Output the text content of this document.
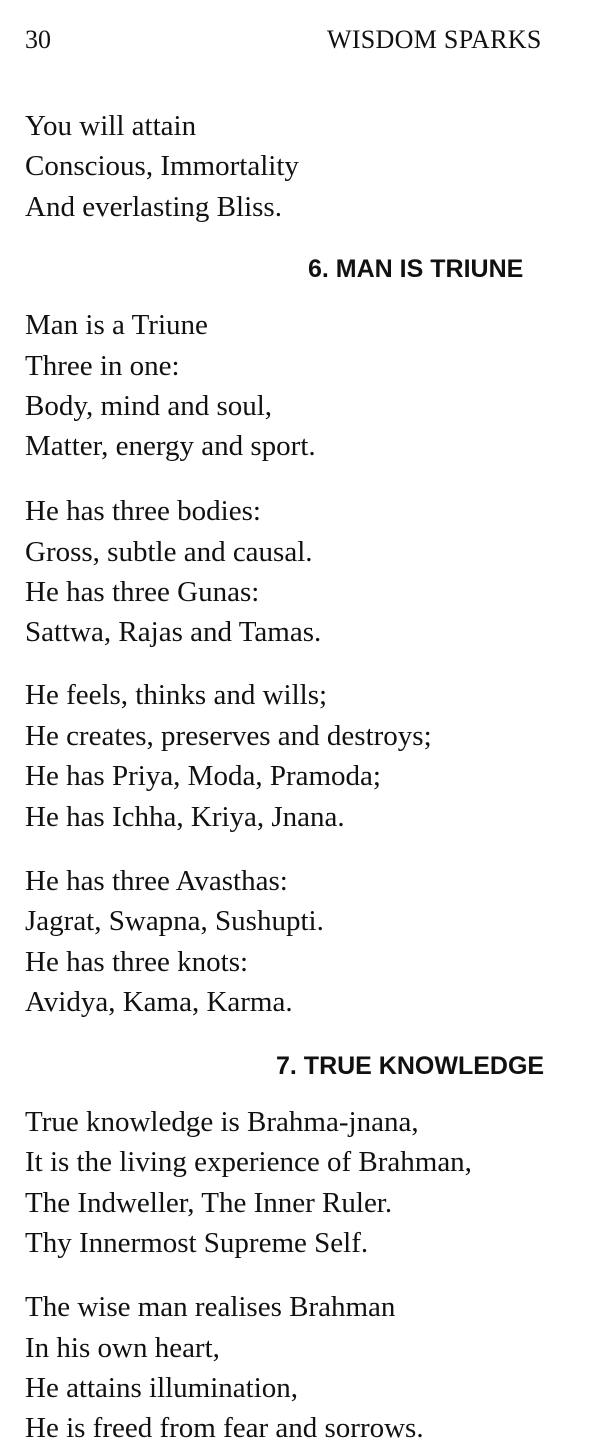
30	WISDOM SPARKS
You will attain
Conscious, Immortality
And everlasting Bliss.
6. MAN IS TRIUNE
Man is a Triune
Three in one:
Body, mind and soul,
Matter, energy and sport.
He has three bodies:
Gross, subtle and causal.
He has three Gunas:
Sattwa, Rajas and Tamas.
He feels, thinks and wills;
He creates, preserves and destroys;
He has Priya, Moda, Pramoda;
He has Ichha, Kriya, Jnana.
He has three Avasthas:
Jagrat, Swapna, Sushupti.
He has three knots:
Avidya, Kama, Karma.
7. TRUE KNOWLEDGE
True knowledge is Brahma-jnana,
It is the living experience of Brahman,
The Indweller, The Inner Ruler.
Thy Innermost Supreme Self.
The wise man realises Brahman
In his own heart,
He attains illumination,
He is freed from fear and sorrows.
